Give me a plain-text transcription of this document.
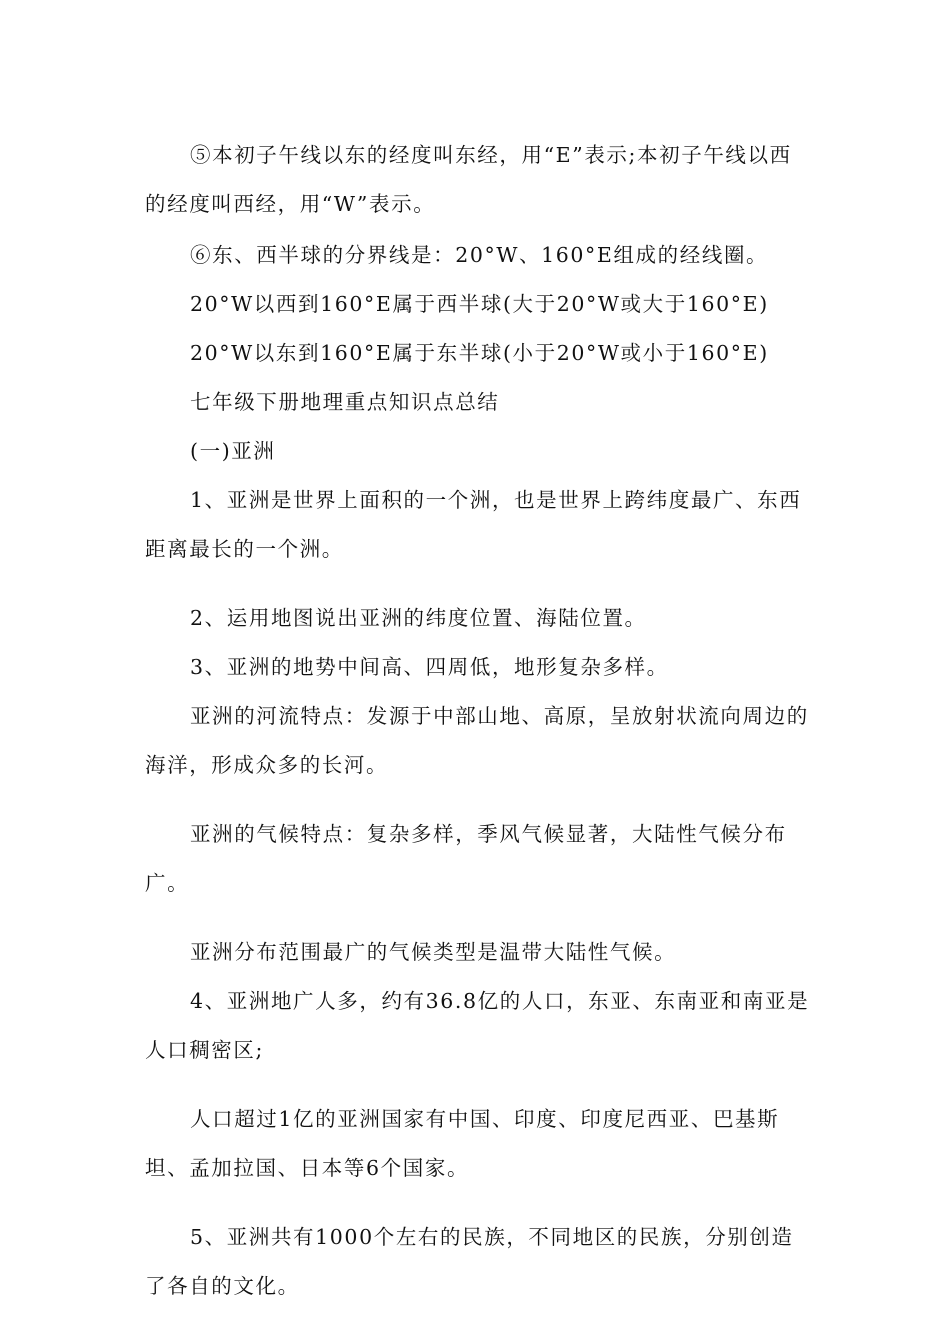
⑤本初子午线以东的经度叫东经，用“E”表示;本初子午线以西的经度叫西经，用“W”表示。

⑥东、西半球的分界线是：20°W、160°E组成的经线圈。

20°W以西到160°E属于西半球(大于20°W或大于160°E)

20°W以东到160°E属于东半球(小于20°W或小于160°E)

七年级下册地理重点知识点总结

(一)亚洲

1、亚洲是世界上面积的一个洲，也是世界上跨纬度最广、东西距离最长的一个洲。

2、运用地图说出亚洲的纬度位置、海陆位置。

3、亚洲的地势中间高、四周低，地形复杂多样。

亚洲的河流特点：发源于中部山地、高原，呈放射状流向周边的海洋，形成众多的长河。

亚洲的气候特点：复杂多样，季风气候显著，大陆性气候分布广。

亚洲分布范围最广的气候类型是温带大陆性气候。

4、亚洲地广人多，约有36.8亿的人口，东亚、东南亚和南亚是人口稠密区;

人口超过1亿的亚洲国家有中国、印度、印度尼西亚、巴基斯坦、孟加拉国、日本等6个国家。

5、亚洲共有1000个左右的民族，不同地区的民族，分别创造了各自的文化。
